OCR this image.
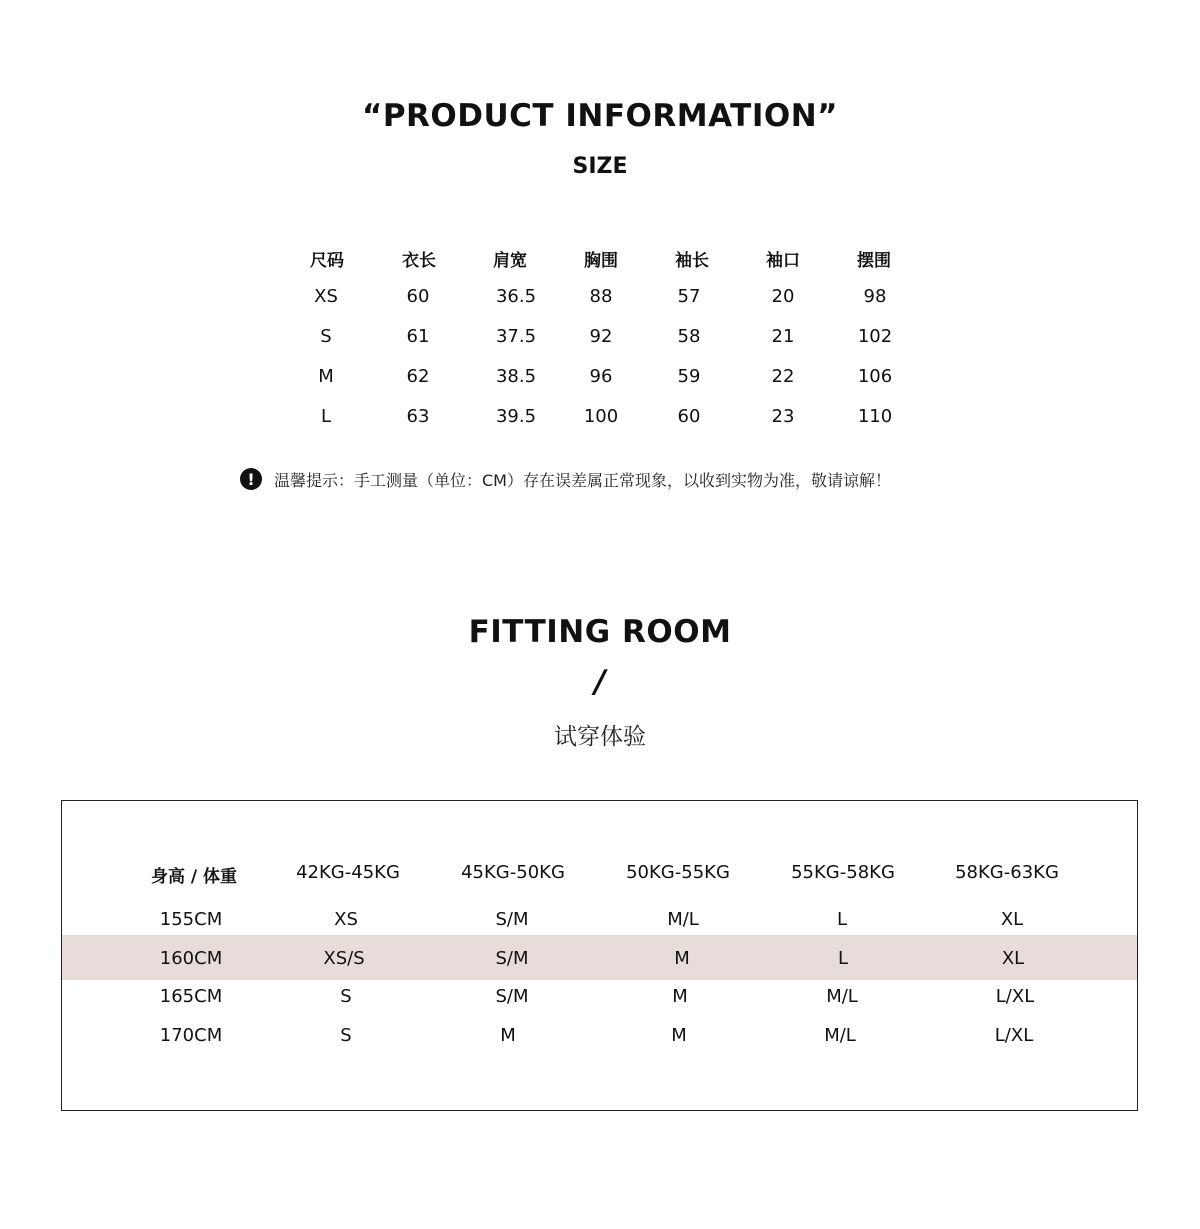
“PRODUCT INFORMATION”
SIZE
尺码	衣长	肩宽	胸围	袖长	袖口	摆围
XS	60	36.5	88	57	20	98
S	61	37.5	92	58	21	102
M	62	38.5	96	59	22	106
L	63	39.5	100	60	23	110
!	温馨提示：手工测量（单位：CM）存在误差属正常现象，以收到实物为准，敬请谅解！
FITTING ROOM
/
试穿体验
身高 / 体重	42KG-45KG	45KG-50KG	50KG-55KG	55KG-58KG	58KG-63KG
155CM	XS	S/M	M/L	L	XL
160CM	XS/S	S/M	M	L	XL
165CM	S	S/M	M	M/L	L/XL
170CM	S	M	M	M/L	L/XL
